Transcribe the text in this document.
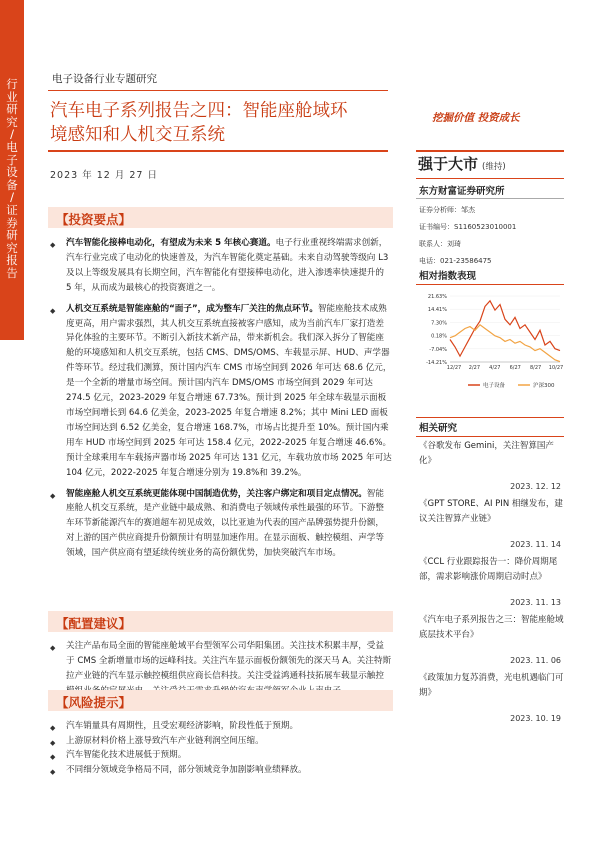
行
业
研
究
/
电
子
设
备
/
证
券
研
究
报
告
电子设备行业专题研究
汽车电子系列报告之四：智能座舱域环
境感知和人机交互系统
2023 年 12 月 27 日
挖掘价值 投资成长
强于大市 (维持)
东方财富证券研究所
证券分析师：邹杰
证书编号：S1160523010001
联系人：刘琦
电话：021-23586475
相对指数表现
21.63%
14.41%
7.30%
0.18%
-7.04%
-14.21%
12/27 2/27 4/27 6/27 8/27 10/27
电子设备	沪深300
相关研究
《谷歌发布 Gemini，关注智算国产化》
2023. 12. 12
《GPT STORE、AI PIN 相继发布，建议关注智算产业链》
2023. 11. 14
《CCL 行业跟踪报告一：降价周期尾部，需求影响涨价周期启动时点》
2023. 11. 13
《汽车电子系列报告之三：智能座舱域底层技术平台》
2023. 11. 06
《政策加力复苏消费，光电机遇临门可期》
2023. 10. 19
【投资要点】
◆ 汽车智能化接棒电动化，有望成为未来 5 年核心赛道。电子行业重视终端需求创新，汽车行业完成了电动化的快速普及，为汽车智能化奠定基础。未来自动驾驶等级向 L3 及以上等级发展具有长期空间，汽车智能化有望接棒电动化，进入渗透率快速提升的 5 年，从而成为最核心的投资赛道之一。
◆ 人机交互系统是智能座舱的“面子”，成为整车厂关注的焦点环节。智能座舱技术成熟度更高，用户需求强烈，其人机交互系统直接被客户感知，成为当前汽车厂家打造差异化体验的主要环节。不断引入新技术新产品，带来新机会。我们深入拆分了智能座舱的环境感知和人机交互系统，包括 CMS、DMS/OMS、车载显示屏、HUD、声学器件等环节。经过我们测算，预计国内汽车 CMS 市场空间到 2026 年可达 68.6 亿元，是一个全新的增量市场空间。预计国内汽车 DMS/OMS 市场空间到 2029 年可达 274.5 亿元，2023-2029 年复合增速 67.73%。预计到 2025 年全球车载显示面板市场空间增长到 64.6 亿美金，2023-2025 年复合增速 8.2%；其中 Mini LED 面板市场空间达到 6.52 亿美金，复合增速 168.7%，市场占比提升至 10%。预计国内乘用车 HUD 市场空间到 2025 年可达 158.4 亿元，2022-2025 年复合增速 46.6%。预计全球乘用车车载扬声器市场 2025 年可达 131 亿元，车载功放市场 2025 年可达 104 亿元，2022-2025 年复合增速分别为 19.8%和 39.2%。
◆ 智能座舱人机交互系统更能体现中国制造优势，关注客户绑定和项目定点情况。智能座舱人机交互系统，是产业链中最成熟、和消费电子领域传承性最强的环节。下游整车环节新能源汽车的赛道超车初见成效，以比亚迪为代表的国产品牌强势提升份额，对上游的国产供应商提升份额预计有明显加速作用。在显示面板、触控模组、声学等领域，国产供应商有望延续传统业务的高份额优势，加快突破汽车市场。
【配置建议】
◆ 关注产品布局全面的智能座舱域平台型领军公司华阳集团。关注技术积累丰厚，受益于 CMS 全新增量市场的远峰科技。关注汽车显示面板份额领先的深天马 A。关注特斯拉产业链的汽车显示触控模组供应商长信科技。关注受益鸿通科技拓展车载显示触控
【风险提示】
◆ 汽车销量具有周期性，且受宏观经济影响，阶段性低于预期。
◆ 上游原材料价格上涨导致汽车产业链利润空间压缩。
◆ 汽车智能化技术进展低于预期。
◆ 不同细分领域竞争格局不同，部分领域竞争加剧影响业绩释放。
